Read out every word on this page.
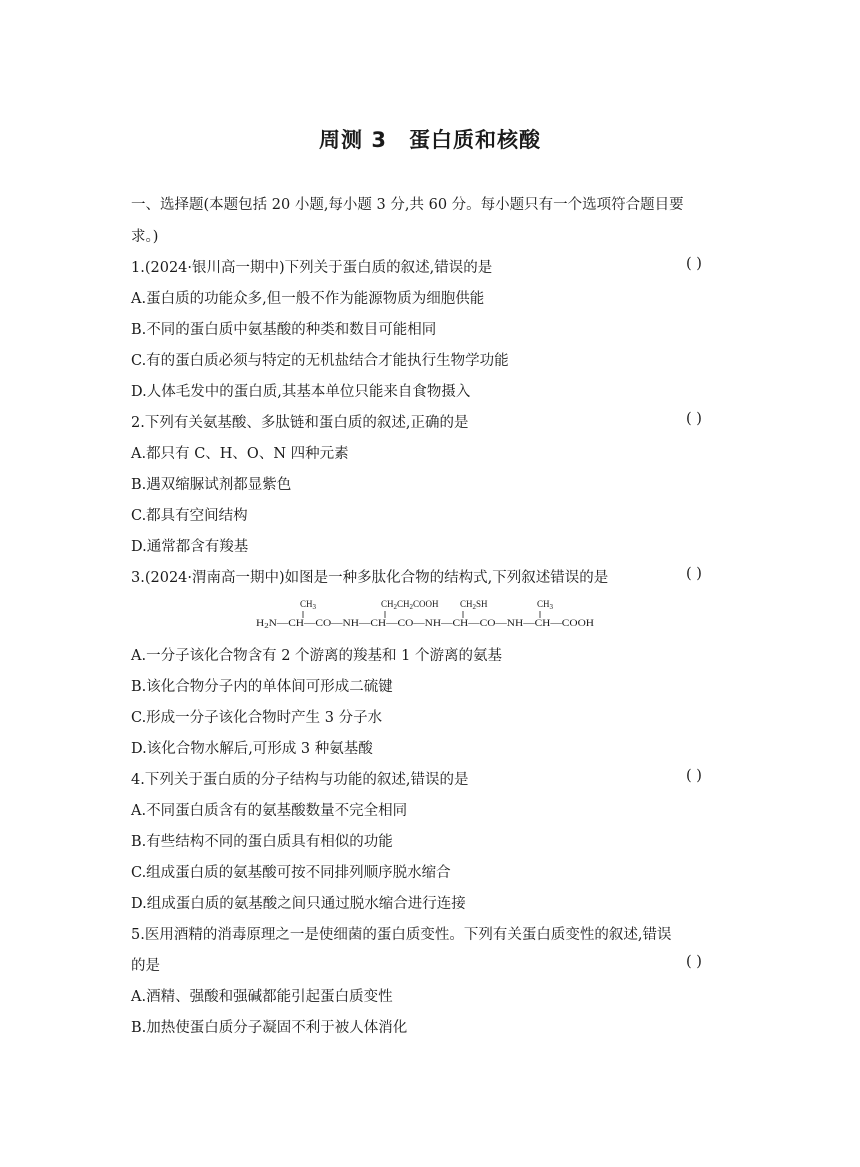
周测 3 蛋白质和核酸
一、选择题(本题包括 20 小题,每小题 3 分,共 60 分。每小题只有一个选项符合题目要
求。)
1.(2024·银川高一期中)下列关于蛋白质的叙述,错误的是	( )
A.蛋白质的功能众多,但一般不作为能源物质为细胞供能
B.不同的蛋白质中氨基酸的种类和数目可能相同
C.有的蛋白质必须与特定的无机盐结合才能执行生物学功能
D.人体毛发中的蛋白质,其基本单位只能来自食物摄入
2.下列有关氨基酸、多肽链和蛋白质的叙述,正确的是	( )
A.都只有 C、H、O、N 四种元素
B.遇双缩脲试剂都显紫色
C.都具有空间结构
D.通常都含有羧基
3.(2024·渭南高一期中)如图是一种多肽化合物的结构式,下列叙述错误的是	( )
$CH_3$	$CH_2CH_2COOH$ $CH_2SH$	$CH_3$
H $_2$N—CH—CO—NH—CH—CO—NH—CH—CO—NH—CH—COOH
A.一分子该化合物含有 2 个游离的羧基和 1 个游离的氨基
B.该化合物分子内的单体间可形成二硫键
C.形成一分子该化合物时产生 3 分子水
D.该化合物水解后,可形成 3 种氨基酸
4.下列关于蛋白质的分子结构与功能的叙述,错误的是	( )
A.不同蛋白质含有的氨基酸数量不完全相同
B.有些结构不同的蛋白质具有相似的功能
C.组成蛋白质的氨基酸可按不同排列顺序脱水缩合
D.组成蛋白质的氨基酸之间只通过脱水缩合进行连接
5.医用酒精的消毒原理之一是使细菌的蛋白质变性。下列有关蛋白质变性的叙述,错误
的是	( )
A.酒精、强酸和强碱都能引起蛋白质变性
B.加热使蛋白质分子凝固不利于被人体消化
